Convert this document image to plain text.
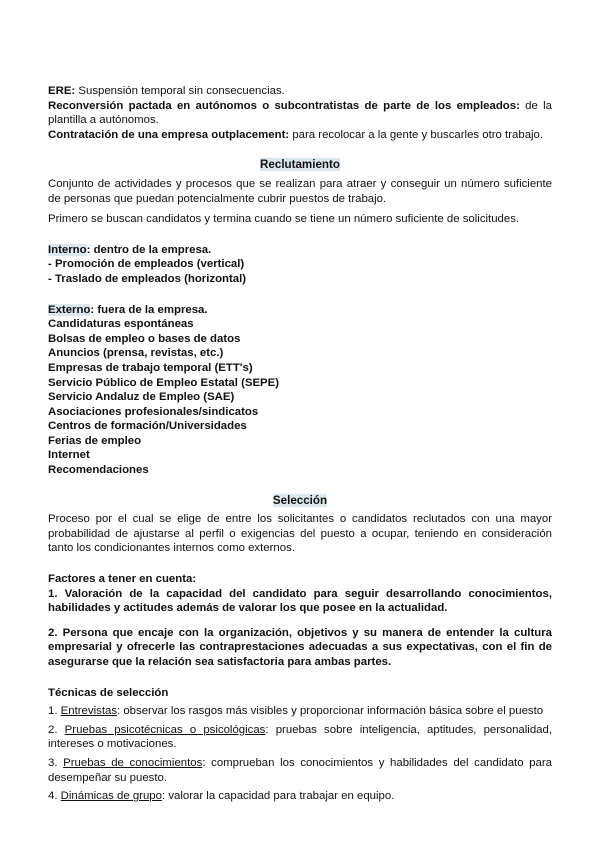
ERE: Suspensión temporal sin consecuencias.

Reconversión pactada en autónomos o subcontratistas de parte de los empleados: de la plantilla a autónomos.

Contratación de una empresa outplacement: para recolocar a la gente y buscarles otro trabajo.

Reclutamiento

Conjunto de actividades y procesos que se realizan para atraer y conseguir un número suficiente de personas que puedan potencialmente cubrir puestos de trabajo.

Primero se buscan candidatos y termina cuando se tiene un número suficiente de solicitudes.

Interno: dentro de la empresa.

- Promoción de empleados (vertical)
- Traslado de empleados (horizontal)

Externo: fuera de la empresa.

Candidaturas espontáneas
Bolsas de empleo o bases de datos
Anuncios (prensa, revistas, etc.)
Empresas de trabajo temporal (ETT's)
Servicio Público de Empleo Estatal (SEPE)
Servicio Andaluz de Empleo (SAE)
Asociaciones profesionales/sindicatos
Centros de formación/Universidades
Ferias de empleo
Internet
Recomendaciones

Selección

Proceso por el cual se elige de entre los solicitantes o candidatos reclutados con una mayor probabilidad de ajustarse al perfil o exigencias del puesto a ocupar, teniendo en consideración tanto los condicionantes internos como externos.

Factores a tener en cuenta:

1. Valoración de la capacidad del candidato para seguir desarrollando conocimientos, habilidades y actitudes además de valorar los que posee en la actualidad.

2. Persona que encaje con la organización, objetivos y su manera de entender la cultura empresarial y ofrecerle las contraprestaciones adecuadas a sus expectativas, con el fin de asegurarse que la relación sea satisfactoria para ambas partes.

Técnicas de selección

1. Entrevistas: observar los rasgos más visibles y proporcionar información básica sobre el puesto

2. Pruebas psicotécnicas o psicológicas: pruebas sobre inteligencia, aptitudes, personalidad, intereses o motivaciones.

3. Pruebas de conocimientos: comprueban los conocimientos y habilidades del candidato para desempeñar su puesto.

4. Dinámicas de grupo: valorar la capacidad para trabajar en equipo.
